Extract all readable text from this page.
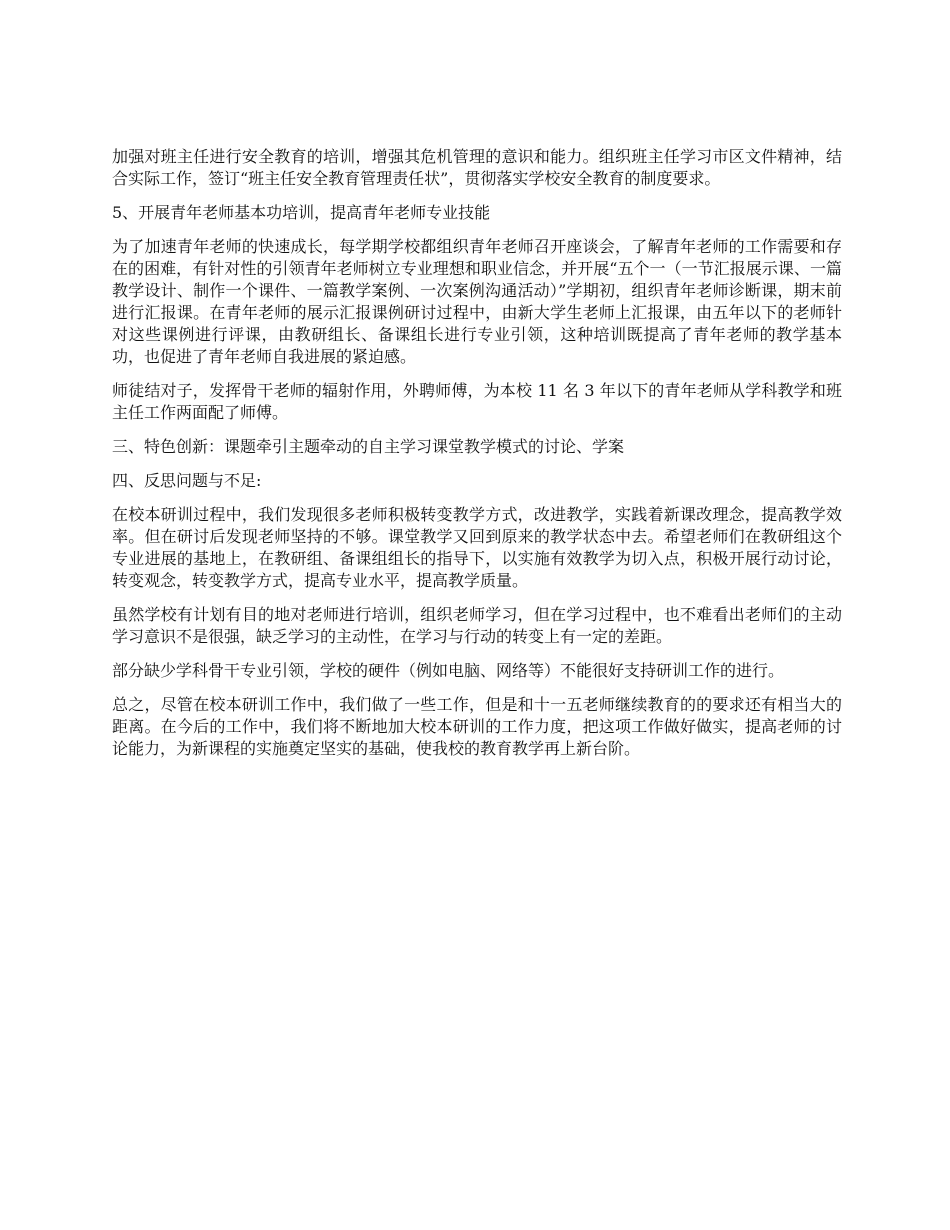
加强对班主任进行安全教育的培训，增强其危机管理的意识和能力。组织班主任学习市区文件精神，结合实际工作，签订“班主任安全教育管理责任状”，贯彻落实学校安全教育的制度要求。

5、开展青年老师基本功培训，提高青年老师专业技能

为了加速青年老师的快速成长，每学期学校都组织青年老师召开座谈会，了解青年老师的工作需要和存在的困难，有针对性的引领青年老师树立专业理想和职业信念，并开展“五个一（一节汇报展示课、一篇教学设计、制作一个课件、一篇教学案例、一次案例沟通活动）”学期初，组织青年老师诊断课，期末前进行汇报课。在青年老师的展示汇报课例研讨过程中，由新大学生老师上汇报课，由五年以下的老师针对这些课例进行评课，由教研组长、备课组长进行专业引领，这种培训既提高了青年老师的教学基本功，也促进了青年老师自我进展的紧迫感。

师徒结对子，发挥骨干老师的辐射作用，外聘师傅，为本校 11 名 3 年以下的青年老师从学科教学和班主任工作两面配了师傅。

三、特色创新：课题牵引主题牵动的自主学习课堂教学模式的讨论、学案

四、反思问题与不足:

在校本研训过程中，我们发现很多老师积极转变教学方式，改进教学，实践着新课改理念，提高教学效率。但在研讨后发现老师坚持的不够。课堂教学又回到原来的教学状态中去。希望老师们在教研组这个专业进展的基地上，在教研组、备课组组长的指导下，以实施有效教学为切入点，积极开展行动讨论，转变观念，转变教学方式，提高专业水平，提高教学质量。

虽然学校有计划有目的地对老师进行培训，组织老师学习，但在学习过程中，也不难看出老师们的主动学习意识不是很强，缺乏学习的主动性，在学习与行动的转变上有一定的差距。

部分缺少学科骨干专业引领，学校的硬件（例如电脑、网络等）不能很好支持研训工作的进行。

总之，尽管在校本研训工作中，我们做了一些工作，但是和十一五老师继续教育的的要求还有相当大的距离。在今后的工作中，我们将不断地加大校本研训的工作力度，把这项工作做好做实，提高老师的讨论能力，为新课程的实施奠定坚实的基础，使我校的教育教学再上新台阶。
